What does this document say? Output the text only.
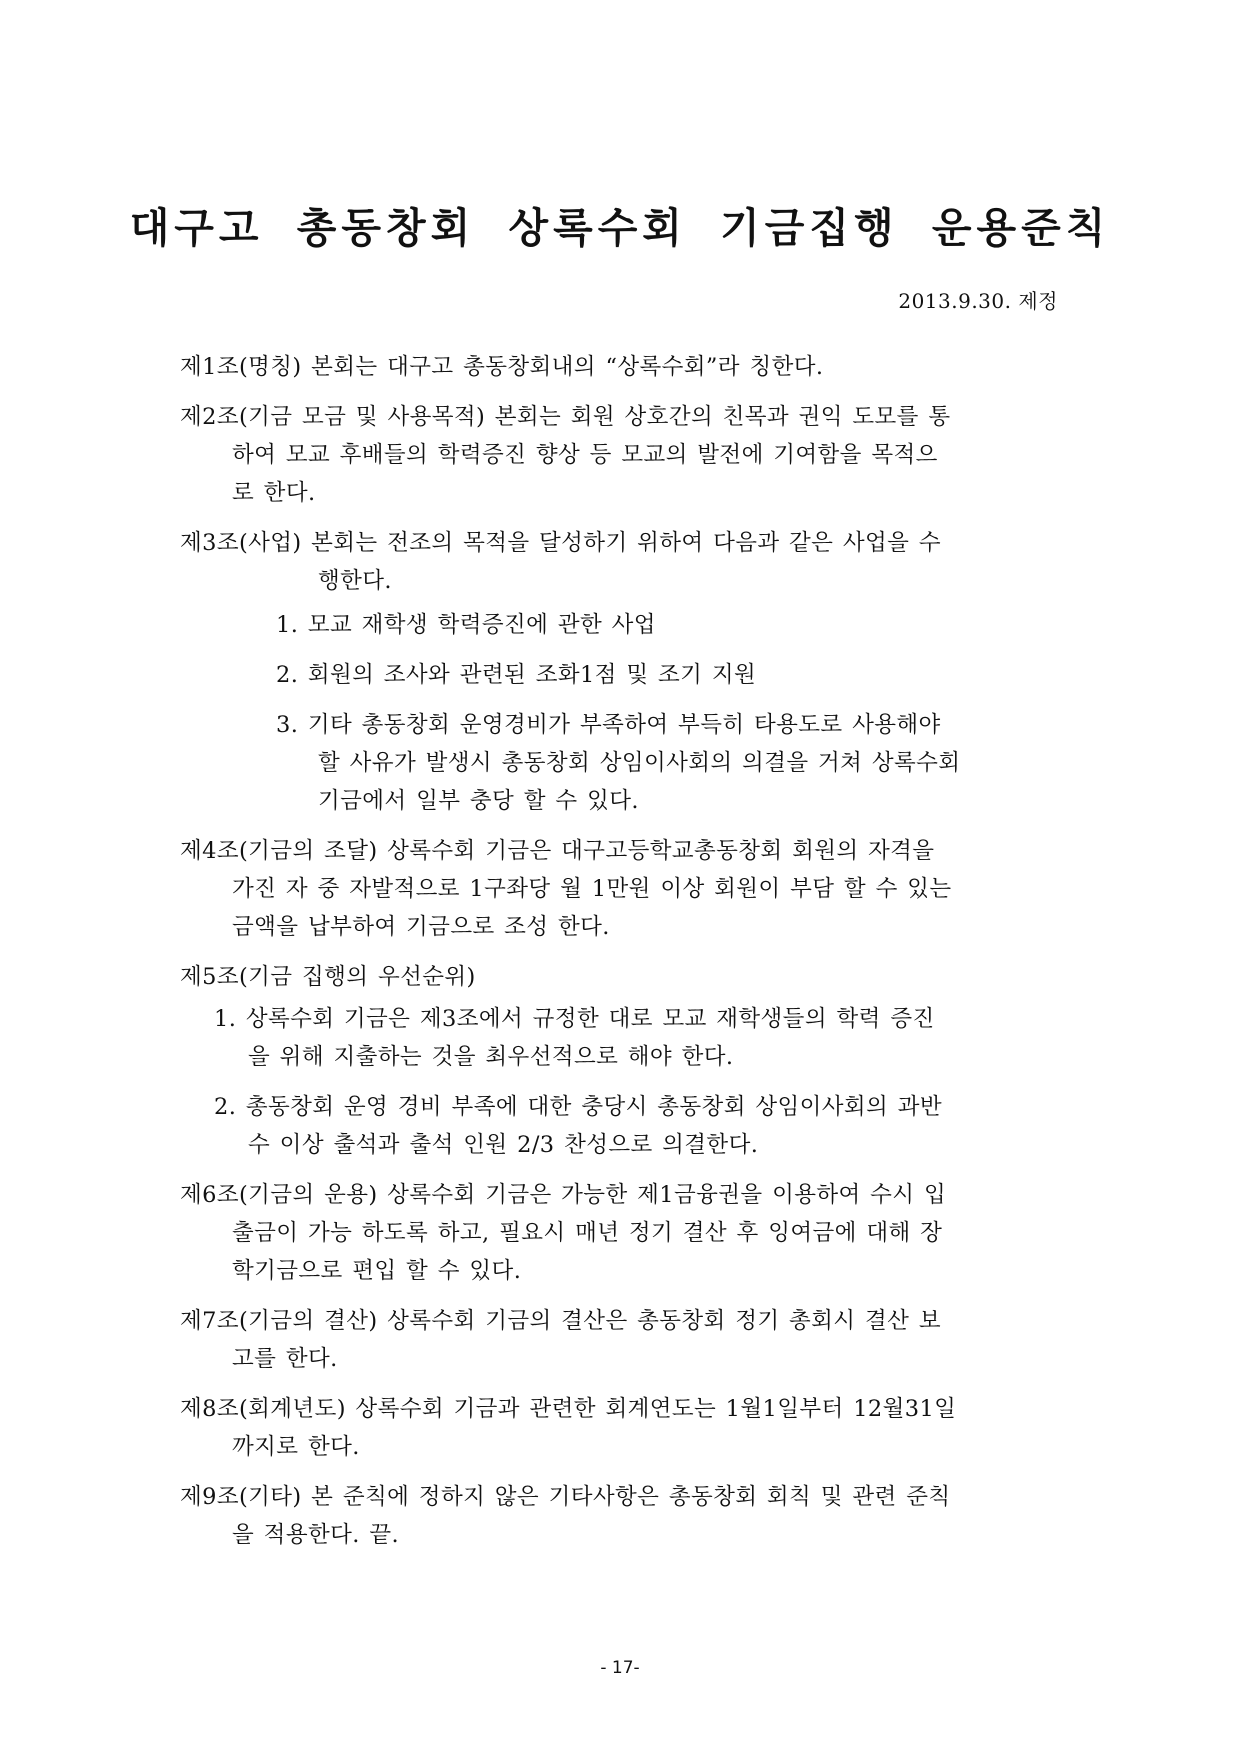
대구고 총동창회 상록수회 기금집행 운용준칙
2013.9.30. 제정
제1조(명칭) 본회는 대구고 총동창회내의 “상록수회”라 칭한다.
제2조(기금 모금 및 사용목적) 본회는 회원 상호간의 친목과 권익 도모를 통
하여 모교 후배들의 학력증진 향상 등 모교의 발전에 기여함을 목적으
로 한다.
제3조(사업) 본회는 전조의 목적을 달성하기 위하여 다음과 같은 사업을 수
행한다.
1. 모교 재학생 학력증진에 관한 사업
2. 회원의 조사와 관련된 조화1점 및 조기 지원
3. 기타 총동창회 운영경비가 부족하여 부득히 타용도로 사용해야
할 사유가 발생시 총동창회 상임이사회의 의결을 거쳐 상록수회
기금에서 일부 충당 할 수 있다.
제4조(기금의 조달) 상록수회 기금은 대구고등학교총동창회 회원의 자격을
가진 자 중 자발적으로 1구좌당 월 1만원 이상 회원이 부담 할 수 있는
금액을 납부하여 기금으로 조성 한다.
제5조(기금 집행의 우선순위)
1. 상록수회 기금은 제3조에서 규정한 대로 모교 재학생들의 학력 증진
을 위해 지출하는 것을 최우선적으로 해야 한다.
2. 총동창회 운영 경비 부족에 대한 충당시 총동창회 상임이사회의 과반
수 이상 출석과 출석 인원 2/3 찬성으로 의결한다.
제6조(기금의 운용) 상록수회 기금은 가능한 제1금융권을 이용하여 수시 입
출금이 가능 하도록 하고, 필요시 매년 정기 결산 후 잉여금에 대해 장
학기금으로 편입 할 수 있다.
제7조(기금의 결산) 상록수회 기금의 결산은 총동창회 정기 총회시 결산 보
고를 한다.
제8조(회계년도) 상록수회 기금과 관련한 회계연도는 1월1일부터 12월31일
까지로 한다.
제9조(기타) 본 준칙에 정하지 않은 기타사항은 총동창회 회칙 및 관련 준칙
을 적용한다. 끝.
- 17-
